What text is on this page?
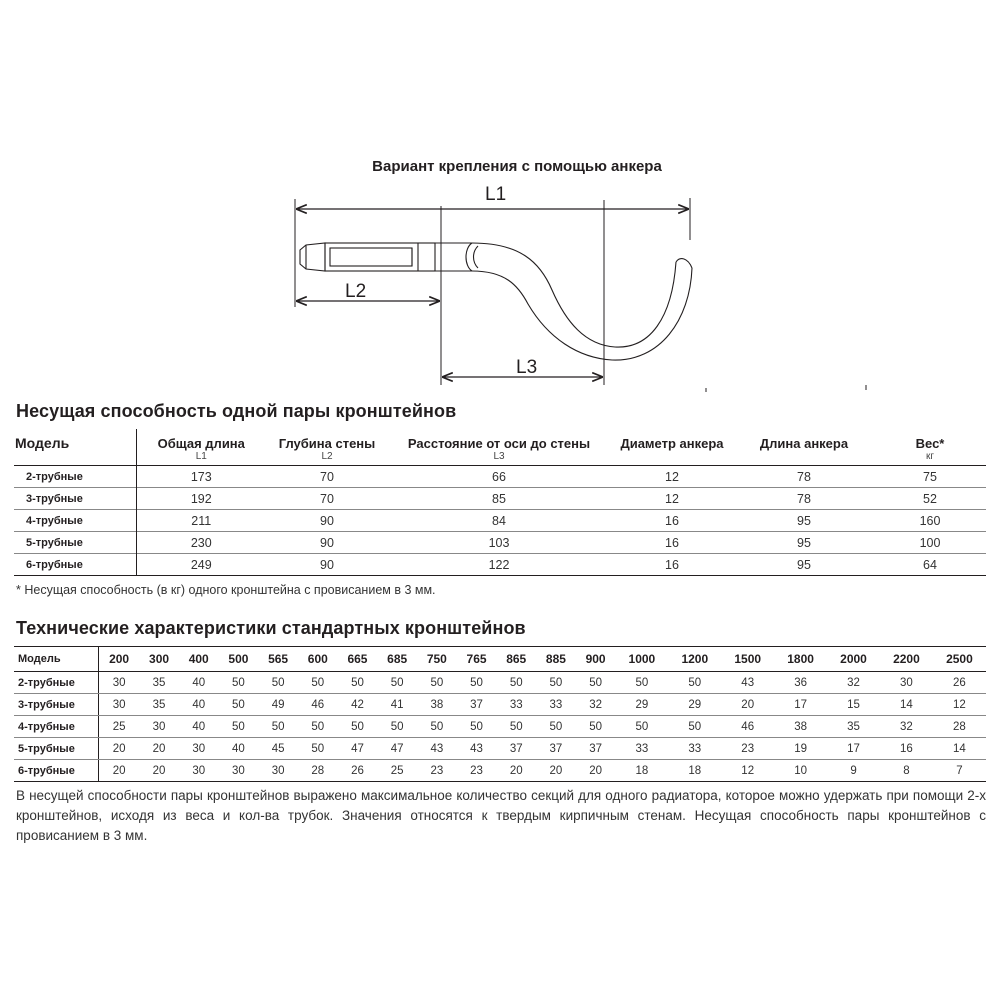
Вариант крепления с помощью анкера
L1
L2
L3
Несущая способность одной пары кронштейнов
Модель	Общая длина	Глубина стены	Расстояние от оси до стены	Диаметр анкера	Длина анкера	Вес*
	L1	L2	L3			кг
2-трубные	173	70	66	12	78	75
3-трубные	192	70	85	12	78	52
4-трубные	211	90	84	16	95	160
5-трубные	230	90	103	16	95	100
6-трубные	249	90	122	16	95	64
* Несущая способность (в кг) одного кронштейна с провисанием в 3 мм.
Технические характеристики стандартных кронштейнов
Модель	200	300	400	500	565	600	665	685	750	765	865	885	900	1000	1200	1500	1800	2000	2200	2500
2-трубные	30	35	40	50	50	50	50	50	50	50	50	50	50	50	50	43	36	32	30	26
3-трубные	30	35	40	50	49	46	42	41	38	37	33	33	32	29	29	20	17	15	14	12
4-трубные	25	30	40	50	50	50	50	50	50	50	50	50	50	50	50	46	38	35	32	28
5-трубные	20	20	30	40	45	50	47	47	43	43	37	37	37	33	33	23	19	17	16	14
6-трубные	20	20	30	30	30	28	26	25	23	23	20	20	20	18	18	12	10	9	8	7
В несущей способности пары кронштейнов выражено максимальное количество секций для одного радиатора, которое можно удержать при помощи 2-х кронштейнов, исходя из веса и кол-ва трубок. Значения относятся к твердым кирпичным стенам. Несущая способность пары кронштейнов с провисанием в 3 мм.
